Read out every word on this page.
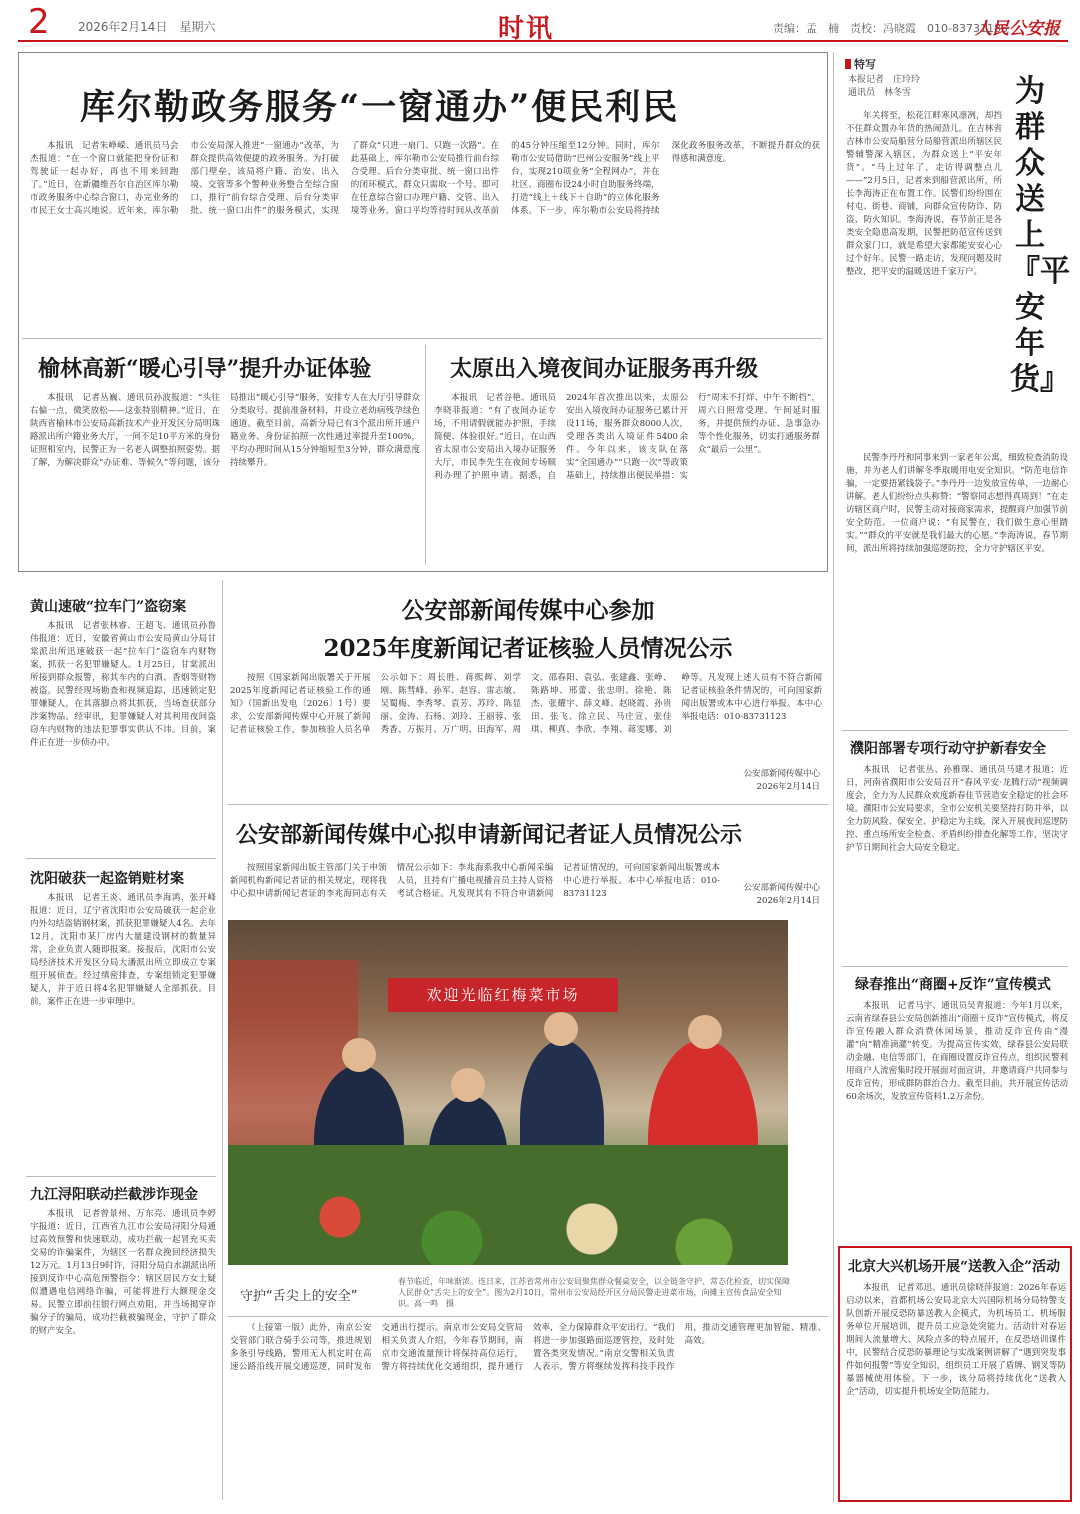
2 2026年2月14日　星期六	时讯	责编：孟　楠　责校：冯晓霞　010-83731183
人民公安报
库尔勒政务服务“一窗通办”便民利民

本报讯　记者朱峥嵘、通讯员马会杰报道：“在一个窗口就能把身份证和驾驶证一起办好，再也不用来回跑了。”近日，在新疆维吾尔自治区库尔勒市政务服务中心综合窗口，办完业务的市民王女士高兴地说。近年来，库尔勒市公安局深入推进“一窗通办”改革，为群众提供高效便捷的政务服务。为打破部门壁垒，该局将户籍、治安、出入境、交管等多个警种业务整合至综合窗口，推行“前台综合受理、后台分类审批、统一窗口出件”的服务模式，实现了群众“只进一扇门、只跑一次路”。在此基础上，库尔勒市公安局推行前台综合受理、后台分类审批、统一窗口出件的闭环模式，群众只需取一个号、即可在任意综合窗口办理户籍、交管、出入境等业务，窗口平均等待时间从改革前的45分钟压缩至12分钟。同时，库尔勒市公安局借助“巴州公安服务”线上平台，实现210项业务“全程网办”，并在社区、商圈布设24小时自助服务终端，打造“线上＋线下＋自助”的立体化服务体系。下一步，库尔勒市公安局将持续深化政务服务改革，不断提升群众的获得感和满意度。

榆林高新“暖心引导”提升办证体验

本报讯　记者丛巍、通讯员孙波报道：“头往右偏一点，微笑放松——这张特别精神。”近日，在陕西省榆林市公安局高新技术产业开发区分局明珠路派出所户籍业务大厅，一间不足10平方米的身份证照相室内，民警正为一名老人调整拍照姿势。据了解，为解决群众“办证难、等候久”等问题，该分局推出“暖心引导”服务，安排专人在大厅引导群众分类取号、提前准备材料，并设立老幼病残孕绿色通道。截至目前，高新分局已有3个派出所开通户籍业务、身份证拍照一次性通过率提升至100%，平均办理时间从15分钟缩短至3分钟，群众满意度持续攀升。

太原出入境夜间办证服务再升级

本报讯　记者谷艳、通讯员李晓菲报道：“有了夜间办证专场，不用请假就能办护照，手续简便、体验很好。”近日，在山西省太原市公安局出入境办证服务大厅，市民李先生在夜间专场顺利办理了护照申请。据悉，自2024年首次推出以来，太原公安出入境夜间办证服务已累计开设11场，服务群众8000人次，受理各类出入境证件5400余件。今年以来，该支队在落实“全国通办”“只跑一次”等政策基础上，持续推出便民举措：实行“周末不打烊、中午不断档”，周六日照常受理、午间延时服务，并提供预约办证、急事急办等个性化服务，切实打通服务群众“最后一公里”。

黄山速破“拉车门”盗窃案

本报讯　记者张林睿、王超飞、通讯员孙鲁伟报道：近日，安徽省黄山市公安局黄山分局甘棠派出所迅速破获一起“拉车门”盗窃车内财物案，抓获一名犯罪嫌疑人。1月25日，甘棠派出所接到群众报警，称其车内的白酒、香烟等财物被盗。民警经现场勘查和视频追踪，迅速锁定犯罪嫌疑人，在其落脚点将其抓获，当场查获部分涉案物品。经审讯，犯罪嫌疑人对其利用夜间盗窃车内财物的违法犯罪事实供认不讳。目前，案件正在进一步侦办中。

沈阳破获一起盗销赃材案

本报讯　记者王炎、通讯员李海鸿、张开峰报道：近日，辽宁省沈阳市公安局破获一起企业内外勾结盗销钢材案，抓获犯罪嫌疑人4名。去年12月，沈阳市某厂房内大量建设钢材的数量异常，企业负责人随即报案。接报后，沈阳市公安局经济技术开发区分局大潘派出所立即成立专案组开展侦查。经过缜密排查，专案组锁定犯罪嫌疑人，并于近日将4名犯罪嫌疑人全部抓获。目前，案件正在进一步审理中。

九江浔阳联动拦截涉诈现金

本报讯　记者曾景州、万东亮、通讯员李婷宇报道：近日，江西省九江市公安局浔阳分局通过高效预警和快速联动，成功拦截一起冒充买卖交易的诈骗案件，为辖区一名群众挽回经济损失12万元。1月13日9时许，浔阳分局白水湖派出所接到反诈中心高危预警指令：辖区居民方女士疑似遭遇电信网络诈骗，可能将进行大额现金交易。民警立即前往银行网点劝阻，并当场揭穿诈骗分子的骗局，成功拦截被骗现金，守护了群众的财产安全。

公安部新闻传媒中心参加
2025年度新闻记者证核验人员情况公示

按照《国家新闻出版署关于开展2025年度新闻记者证核验工作的通知》（国新出发电〔2026〕1号）要求，公安部新闻传媒中心开展了新闻记者证核验工作，参加核验人员名单公示如下：周长胜、蒋熙辉、刘学刚、陈彗峰、孙军、赵容、雷志敏、吴蜀梅、李秀琴、袁芳、苏玲、陈显丽、金涛、石杨、刘玲、王丽蓉、张秀香、万振月、万广明、田海军、周文、邵春阳、袁弘、张建鑫、张峥、陈路坤、邢蕾、张忠明、徐艳、陈杰、张耀宇、薛文峰、赵晓霞、孙贵田、张飞、徐立民、马庄宣、张佳琪、柳真、李欣、李翔、蒋雯娜、刘峥等。凡发现上述人员有不符合新闻记者证核验条件情况的，可向国家新闻出版署或本中心进行举报。本中心举报电话：010-83731123

公安部新闻传媒中心
2026年2月14日
公安部新闻传媒中心拟申请新闻记者证人员情况公示

按照国家新闻出版主管部门关于申领新闻机构新闻记者证的相关规定，现将我中心拟申请新闻记者证的李兆海同志有关情况公示如下：李兆海系我中心新闻采编人员，且持有广播电视播音员主持人资格考试合格证。凡发现其有不符合申请新闻记者证情况的，可向国家新闻出版署或本中心进行举报。本中心举报电话：010-83731123

公安部新闻传媒中心
2026年2月14日
欢迎光临红梅菜市场
守护“舌尖上的安全”
春节临近，年味渐浓。连日来，江苏省常州市公安局聚焦群众餐桌安全，以全链条守护、常态化检查，切实保障人民群众“舌尖上的安全”。图为2月10日，常州市公安局经开区分局民警走进菜市场，向摊主宣传食品安全知识。高一鸣　摄

（上接第一版）此外，南京公安交管部门联合骑手公司等，推进规划多条引导线路，警用无人机定时在高速公路沿线开展交通巡逻，同时发布交通出行提示。南京市公安局交管局相关负责人介绍，今年春节期间，南京市交通流量预计将保持高位运行，警方将持续优化交通组织，提升通行效率，全力保障群众平安出行。“我们将进一步加强路面巡逻管控，及时处置各类突发情况。”南京交警相关负责人表示，警方将继续发挥科技手段作用，推动交通管理更加智能、精准、高效。

特写
本报记者　庄玲玲
通讯员　林冬雪	为群众送上『平安年货』

年关将至，松花江畔寒风凛冽，却挡不住群众置办年货的热闹劲儿。在吉林省吉林市公安局船营分局船营派出所辖区民警辅警深入辖区，为群众送上“平安年货”。“马上过年了，走访得调整点儿——”2月5日，记者来到船营派出所，所长李海涛正在布置工作。民警们纷纷围在村屯、街巷、商铺，向群众宣传防诈、防盗、防火知识。李海涛说，春节前正是各类安全隐患高发期，民警把防范宣传送到群众家门口，就是希望大家都能安安心心过个好年。民警一路走访，发现问题及时整改，把平安的温暖送进千家万户。

民警李丹丹和同事来到一家老年公寓，细致检查消防设施，并为老人们讲解冬季取暖用电安全知识。“防范电信诈骗，一定要捂紧钱袋子。”李丹丹一边发放宣传单，一边耐心讲解。老人们纷纷点头称赞：“警察同志想得真周到！”在走访辖区商户时，民警主动对接商家需求，提醒商户加强节前安全防范。一位商户说：“有民警在，我们做生意心里踏实。”“群众的平安就是我们最大的心愿。”李海涛说，春节期间，派出所将持续加强巡逻防控，全力守护辖区平安。

濮阳部署专项行动守护新春安全

本报讯　记者张丛、孙雅琛、通讯员马建才报道：近日，河南省濮阳市公安局召开“春风平安·龙腾行动”视频调度会，全力为人民群众欢度新春佳节营造安全稳定的社会环境。濮阳市公安局要求，全市公安机关要坚持打防并举，以全力防风险、保安全、护稳定为主线，深入开展夜间巡逻防控、重点场所安全检查、矛盾纠纷排查化解等工作，坚决守护节日期间社会大局安全稳定。

绿春推出“商圈+反诈”宣传模式

本报讯　记者马宇、通讯员吴青报道：今年1月以来，云南省绿春县公安局创新推出“商圈＋反诈”宣传模式，将反诈宣传融入群众消费休闲场景，推动反诈宣传由“漫灌”向“精准滴灌”转变。为提高宣传实效，绿春县公安局联动金融、电信等部门，在商圈设置反诈宣传点，组织民警利用商户人流密集时段开展面对面宣讲，并邀请商户共同参与反诈宣传，形成群防群治合力。截至目前，共开展宣传活动60余场次，发放宣传资料1.2万余份。

北京大兴机场开展“送教入企”活动

本报讯　记者邓迅、通讯员徐晓萍报道：2026年春运启动以来，首都机场公安局北京大兴国际机场分局特警支队创新开展反恐防暴送教入企模式，为机场员工、机场服务单位开展培训，提升员工应急处突能力。活动针对春运期间人流量增大、风险点多的特点展开，在反恐培训课件中，民警结合反恐防暴理论与实战案例讲解了“遇到突发事件如何报警”等安全知识，组织员工开展了盾牌、钢叉等防暴器械使用体验。下一步，该分局将持续优化“送教入企”活动，切实提升机场安全防范能力。
